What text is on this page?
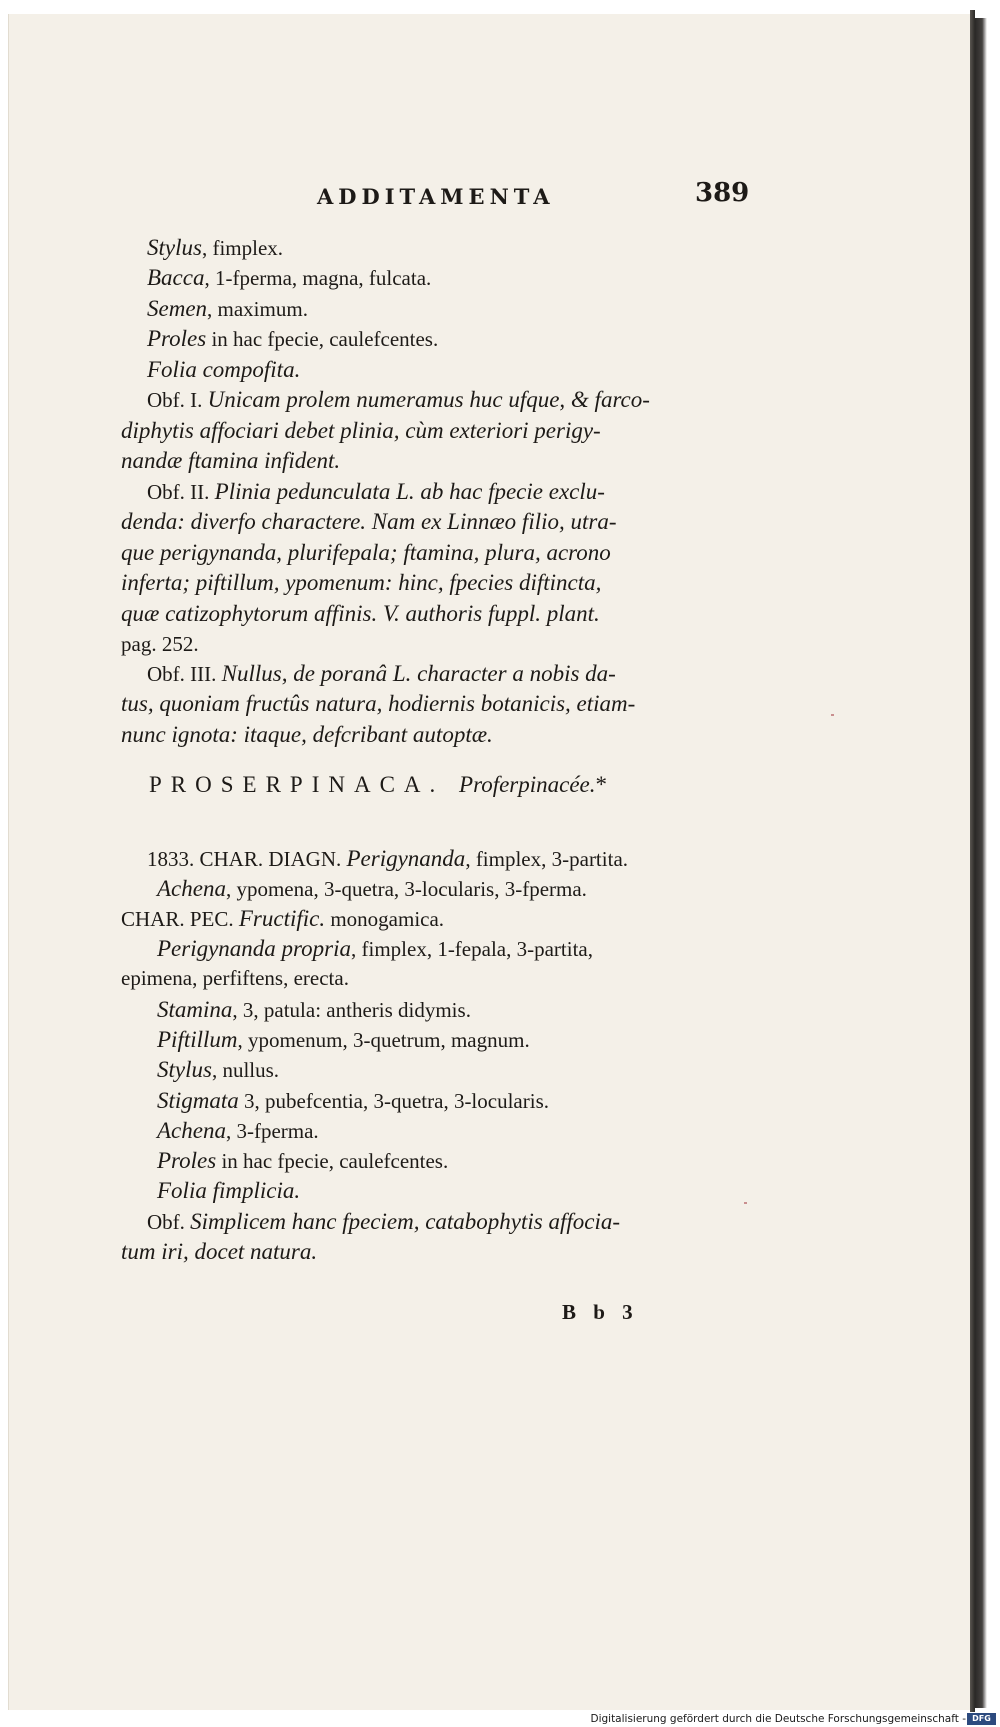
ADDITAMENTA	389
Stylus, fimplex.
Bacca, 1-fperma, magna, fulcata.
Semen, maximum.
Proles in hac fpecie, caulefcentes.
Folia compofita.
Obf. I. Unicam prolem numeramus huc ufque, & farco-
diphytis affociari debet plinia, cùm exteriori perigy-
nandæ ftamina infident.
Obf. II. Plinia pedunculata L. ab hac fpecie exclu-
denda: diverfo charactere. Nam ex Linnæo filio, utra-
que perigynanda, plurifepala; ftamina, plura, acrono
inferta; piftillum, ypomenum: hinc, fpecies diftincta,
quæ catizophytorum affinis. V. authoris fuppl. plant.
pag. 252.
Obf. III. Nullus, de poranâ L. character a nobis da-
tus, quoniam fructûs natura, hodiernis botanicis, etiam-
nunc ignota: itaque, defcribant autoptæ.
PROSERPINACA. Proferpinacée.*
1833. CHAR. DIAGN. Perigynanda, fimplex, 3-partita.
Achena, ypomena, 3-quetra, 3-locularis, 3-fperma.
CHAR. PEC. Fructific. monogamica.
Perigynanda propria, fimplex, 1-fepala, 3-partita,
epimena, perfiftens, erecta.
Stamina, 3, patula: antheris didymis.
Piftillum, ypomenum, 3-quetrum, magnum.
Stylus, nullus.
Stigmata 3, pubefcentia, 3-quetra, 3-locularis.
Achena, 3-fperma.
Proles in hac fpecie, caulefcentes.
Folia fimplicia.
Obf. Simplicem hanc fpeciem, catabophytis affocia-
tum iri, docet natura.
B b 3
Digitalisierung gefördert durch die Deutsche Forschungsgemeinschaft - DFG
